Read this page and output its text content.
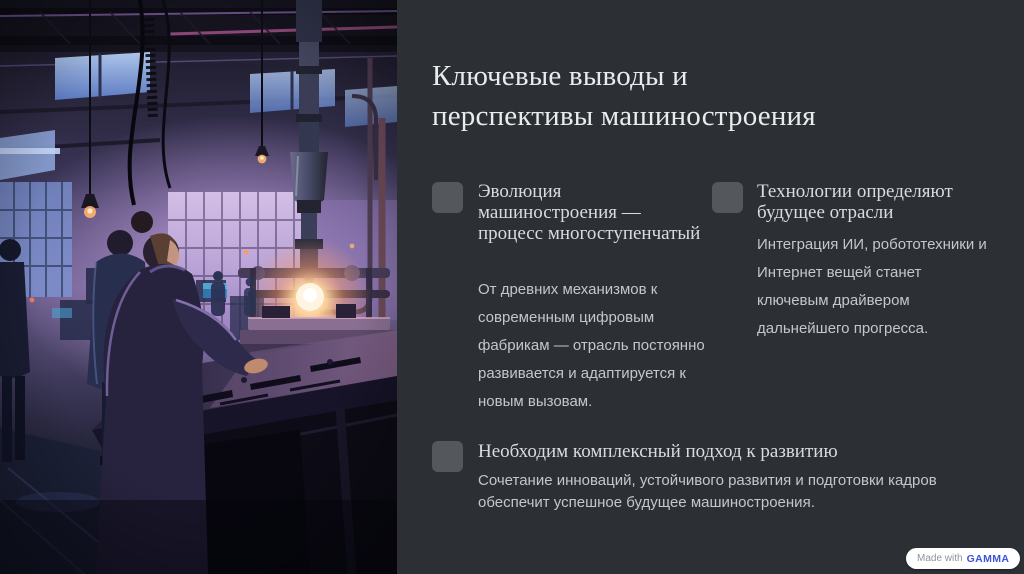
Ключевые выводы и
перспективы машиностроения
Эволюция машиностроения — процесс многоступенчатый
От древних механизмов к современным цифровым фабрикам — отрасль постоянно развивается и адаптируется к новым вызовам.
Технологии определяют будущее отрасли
Интеграция ИИ, робототехники и Интернет вещей станет ключевым драйвером дальнейшего прогресса.
Необходим комплексный подход к развитию
Сочетание инноваций, устойчивого развития и подготовки кадров обеспечит успешное будущее машиностроения.
Made with GAMMA
